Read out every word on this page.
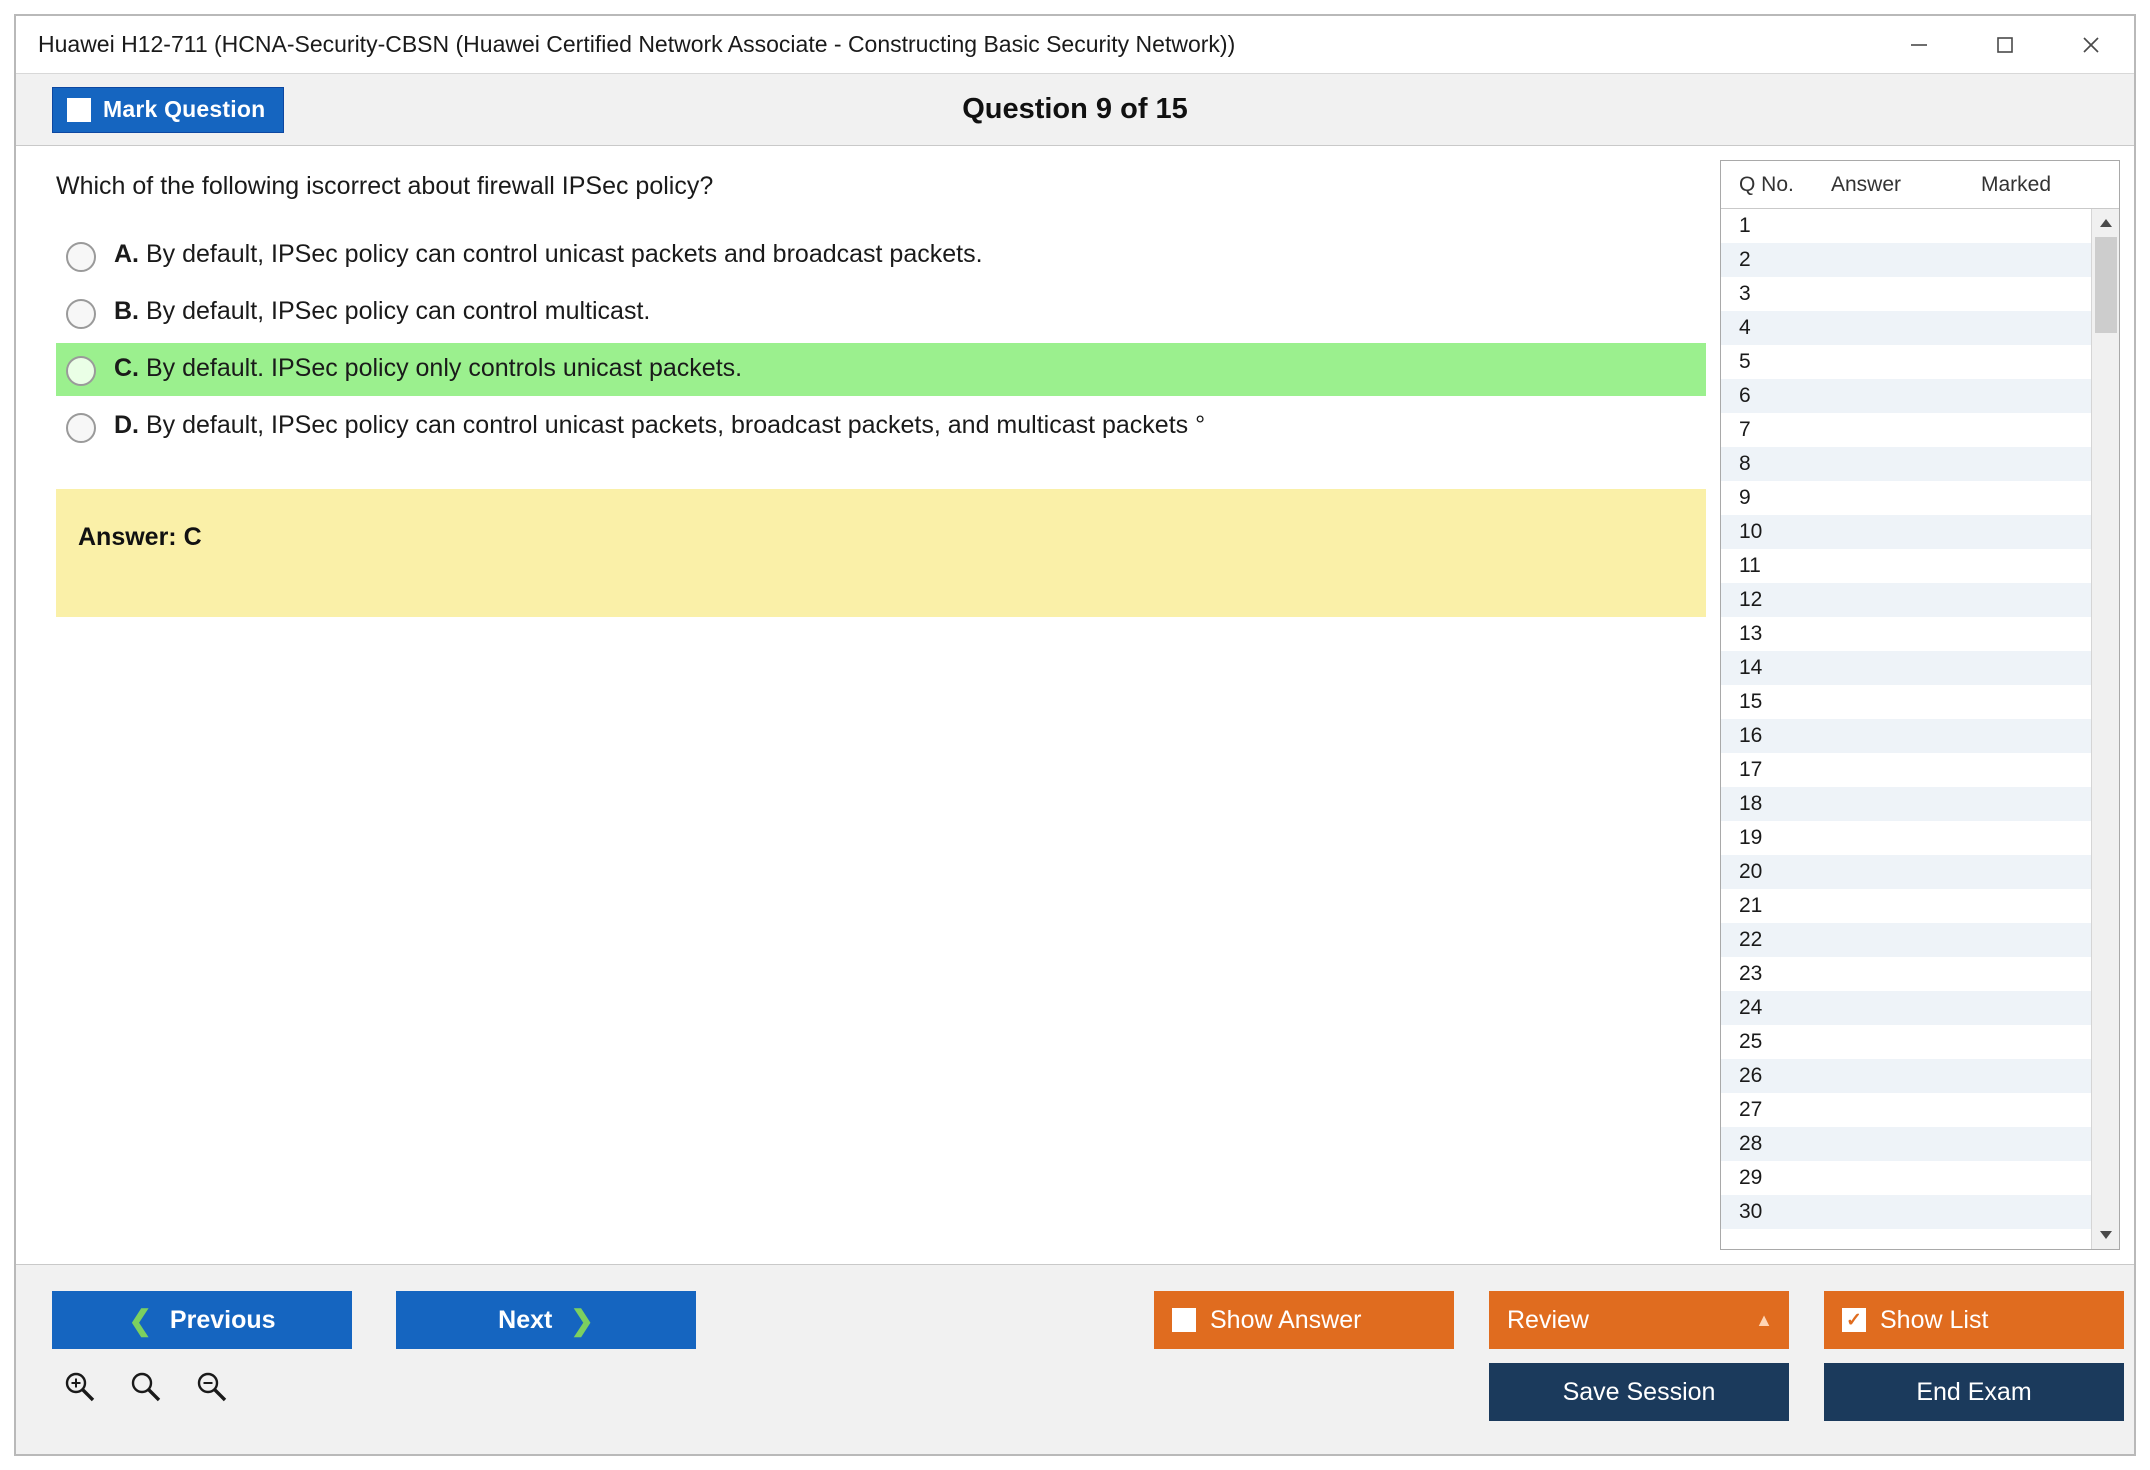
Huawei H12-711 (HCNA-Security-CBSN (Huawei Certified Network Associate - Constructing Basic Security Network))
Mark Question	Question 9 of 15
Which of the following iscorrect about firewall IPSec policy?
A. By default, IPSec policy can control unicast packets and broadcast packets.
B. By default, IPSec policy can control multicast.
C. By default. IPSec policy only controls unicast packets.
D. By default, IPSec policy can control unicast packets, broadcast packets, and multicast packets °
Answer: C
Q No.	Answer	Marked
1
2
3
4
5
6
7
8
9
10
11
12
13
14
15
16
17
18
19
20
21
22
23
24
25
26
27
28
29
30
❮ Previous	Next ❯	Show Answer	Review	▲	✓ Show List
Save Session	End Exam
